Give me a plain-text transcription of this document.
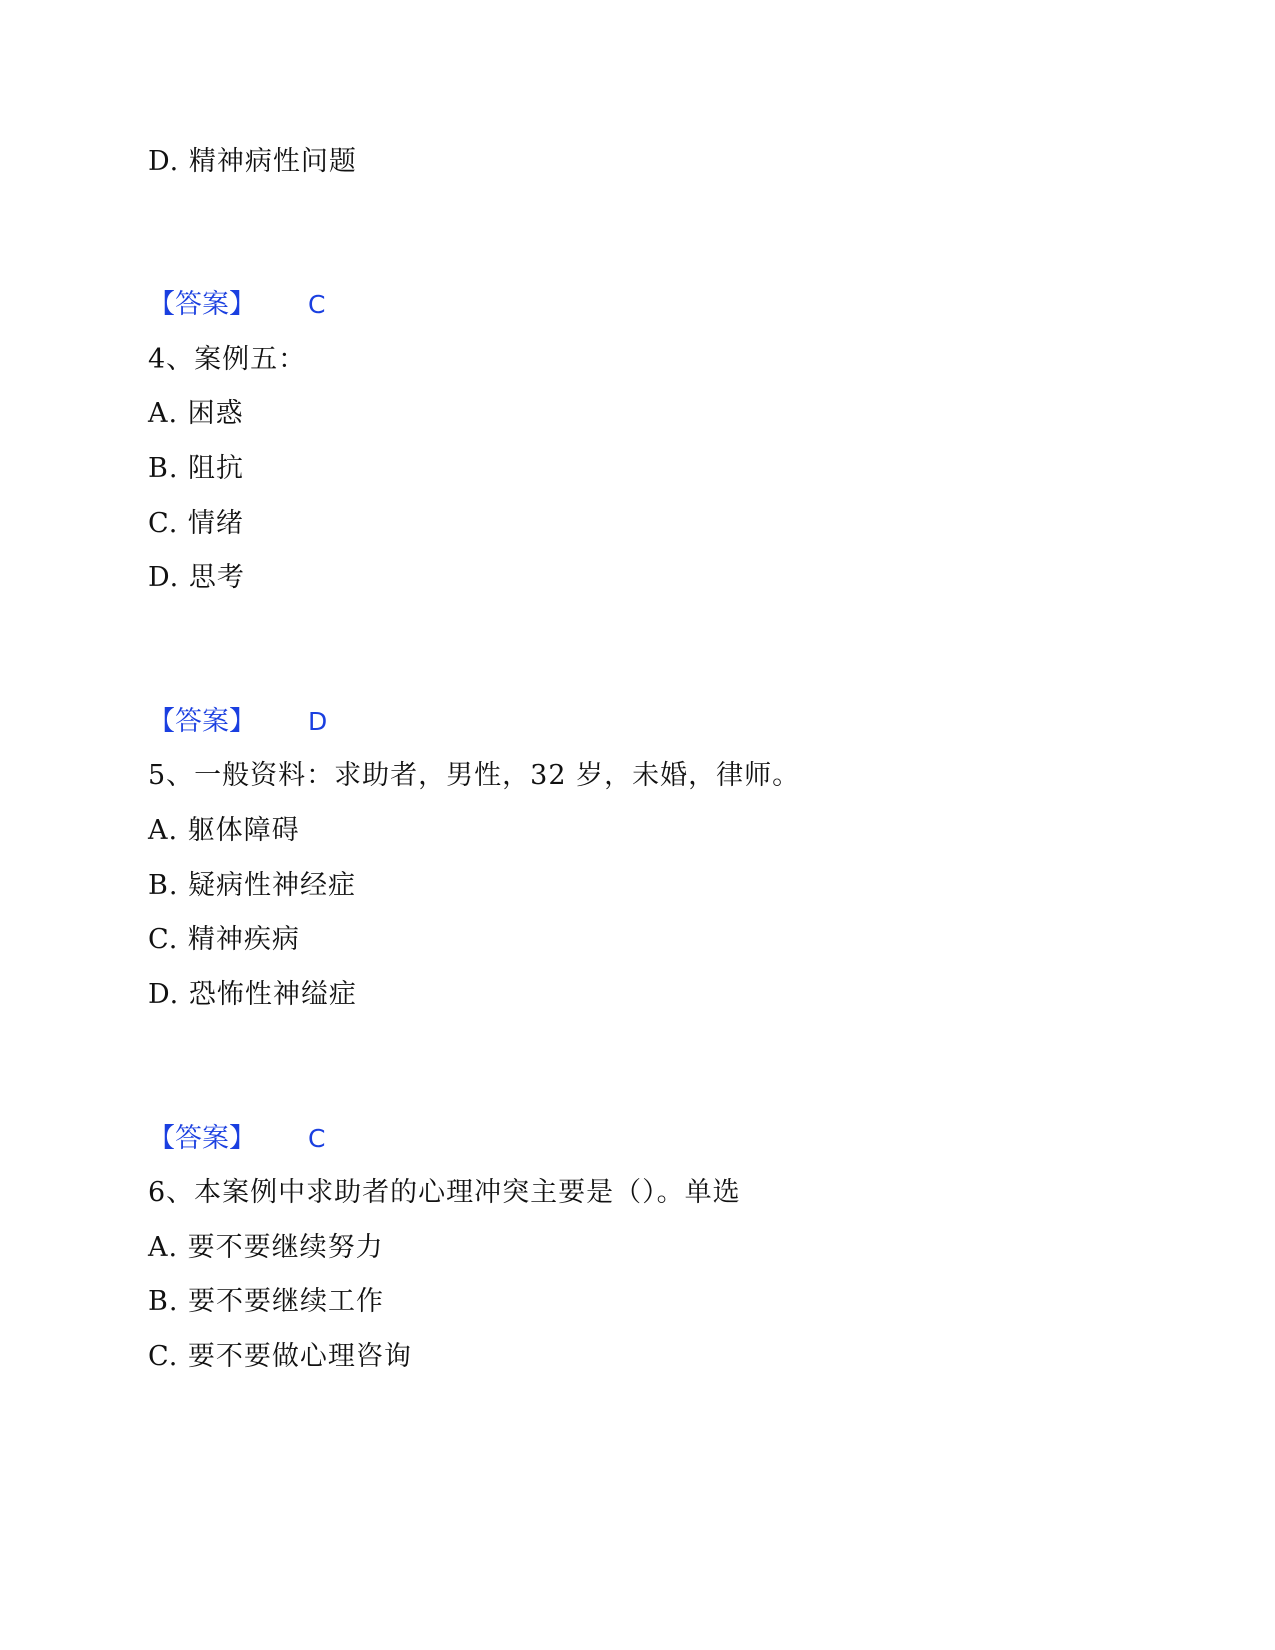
D. 精神病性问题
【答案】 C
4、案例五：
A. 困惑
B. 阻抗
C. 情绪
D. 思考
【答案】 D
5、一般资料：求助者，男性，32 岁，未婚，律师。
A. 躯体障碍
B. 疑病性神经症
C. 精神疾病
D. 恐怖性神缢症
【答案】 C
6、本案例中求助者的心理冲突主要是（）。单选
A. 要不要继续努力
B. 要不要继续工作
C. 要不要做心理咨询
